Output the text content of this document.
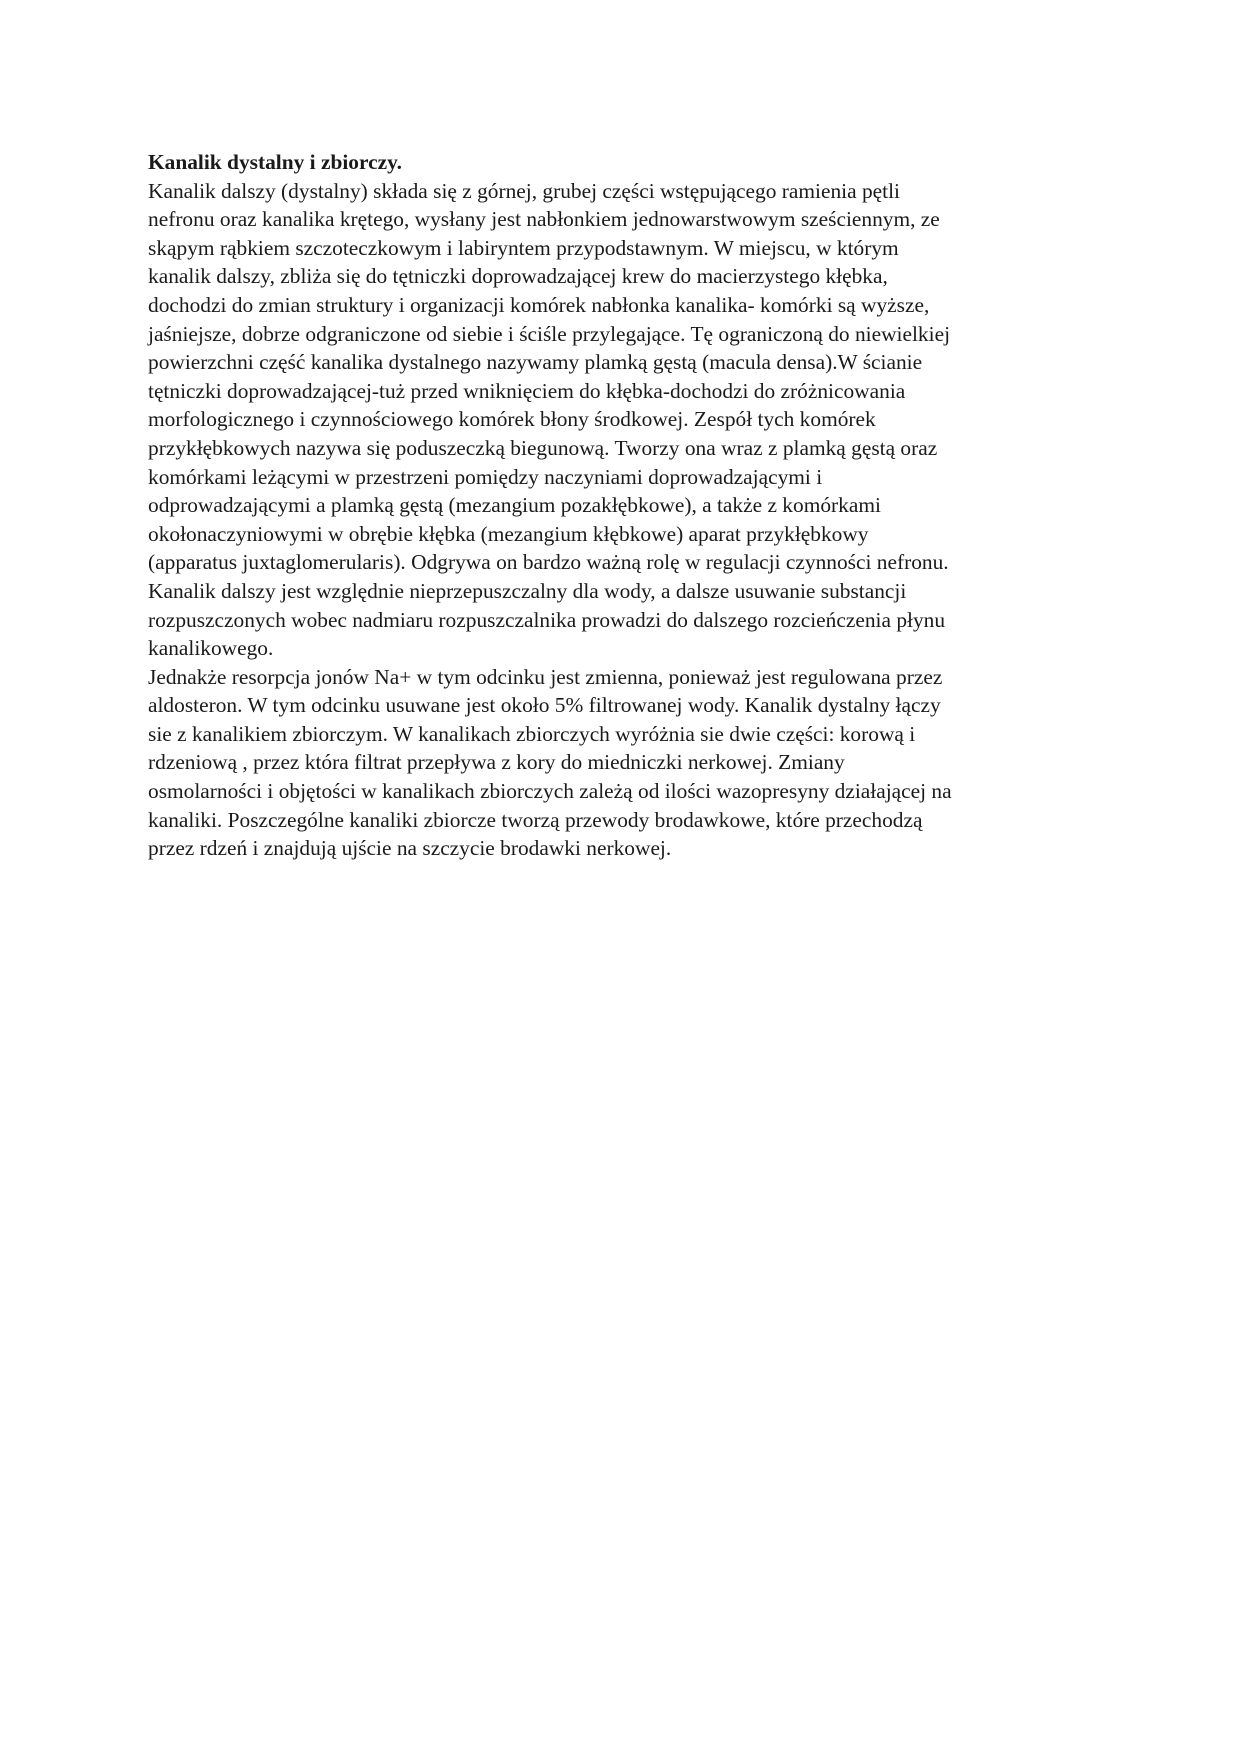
Kanalik dystalny i zbiorczy.

Kanalik dalszy (dystalny) składa się z górnej, grubej części wstępującego ramienia pętli
nefronu oraz kanalika krętego, wysłany jest nabłonkiem jednowarstwowym sześciennym, ze
skąpym rąbkiem szczoteczkowym i labiryntem przypodstawnym. W miejscu, w którym
kanalik dalszy, zbliża się do tętniczki doprowadzającej krew do macierzystego kłębka,
dochodzi do zmian struktury i organizacji komórek nabłonka kanalika- komórki są wyższe,
jaśniejsze, dobrze odgraniczone od siebie i ściśle przylegające. Tę ograniczoną do niewielkiej
powierzchni część kanalika dystalnego nazywamy plamką gęstą (macula densa).W ścianie
tętniczki doprowadzającej-tuż przed wniknięciem do kłębka-dochodzi do zróżnicowania
morfologicznego i czynnościowego komórek błony środkowej. Zespół tych komórek
przykłębkowych nazywa się poduszeczką biegunową. Tworzy ona wraz z plamką gęstą oraz
komórkami leżącymi w przestrzeni pomiędzy naczyniami doprowadzającymi i
odprowadzającymi a plamką gęstą (mezangium pozakłębkowe), a także z komórkami
okołonaczyniowymi w obrębie kłębka (mezangium kłębkowe) aparat przykłębkowy
(apparatus juxtaglomerularis). Odgrywa on bardzo ważną rolę w regulacji czynności nefronu.
Kanalik dalszy jest względnie nieprzepuszczalny dla wody, a dalsze usuwanie substancji
rozpuszczonych wobec nadmiaru rozpuszczalnika prowadzi do dalszego rozcieńczenia płynu
kanalikowego.

Jednakże resorpcja jonów Na+ w tym odcinku jest zmienna, ponieważ jest regulowana przez
aldosteron. W tym odcinku usuwane jest około 5% filtrowanej wody. Kanalik dystalny łączy
sie z kanalikiem zbiorczym. W kanalikach zbiorczych wyróżnia sie dwie części: korową i
rdzeniową , przez która filtrat przepływa z kory do miedniczki nerkowej. Zmiany
osmolarności i objętości w kanalikach zbiorczych zależą od ilości wazopresyny działającej na
kanaliki. Poszczególne kanaliki zbiorcze tworzą przewody brodawkowe, które przechodzą
przez rdzeń i znajdują ujście na szczycie brodawki nerkowej.
